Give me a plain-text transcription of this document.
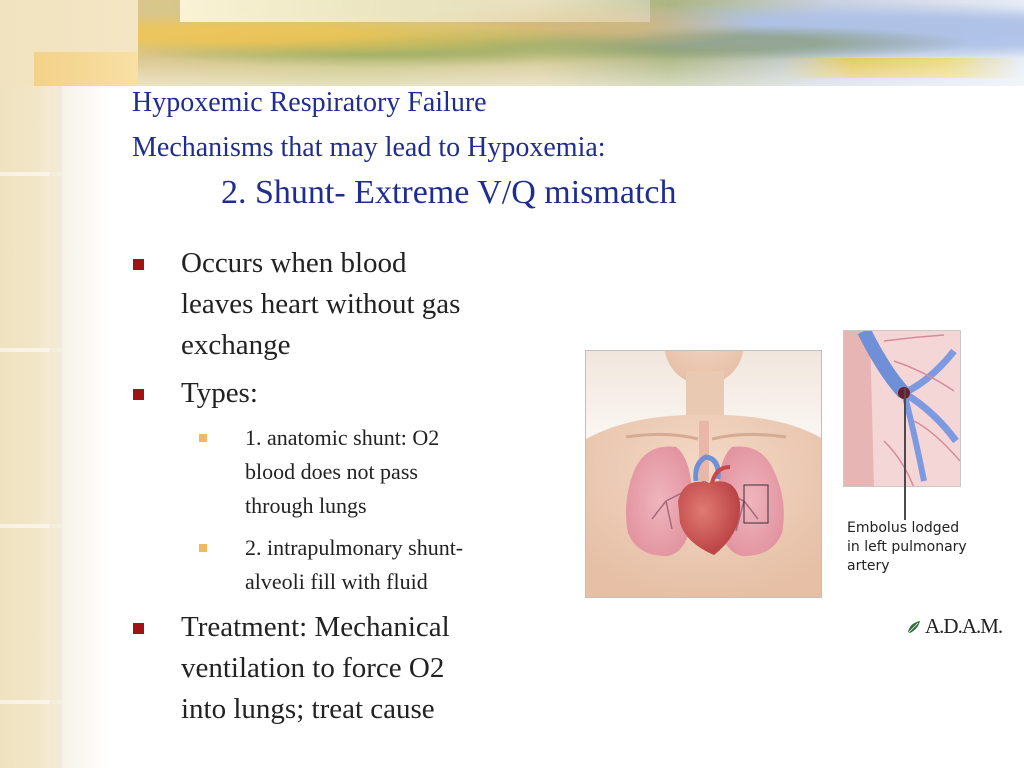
Hypoxemic Respiratory Failure
Mechanisms that may lead to Hypoxemia:
2. Shunt- Extreme V/Q mismatch
Occurs when blood
leaves heart without gas
exchange
Types:
1. anatomic shunt: O2
blood does not pass
through lungs
2. intrapulmonary shunt-
alveoli fill with fluid
Treatment: Mechanical
ventilation to force O2
into lungs; treat cause
Embolus lodged
in left pulmonary
artery
A.D.A.M.
